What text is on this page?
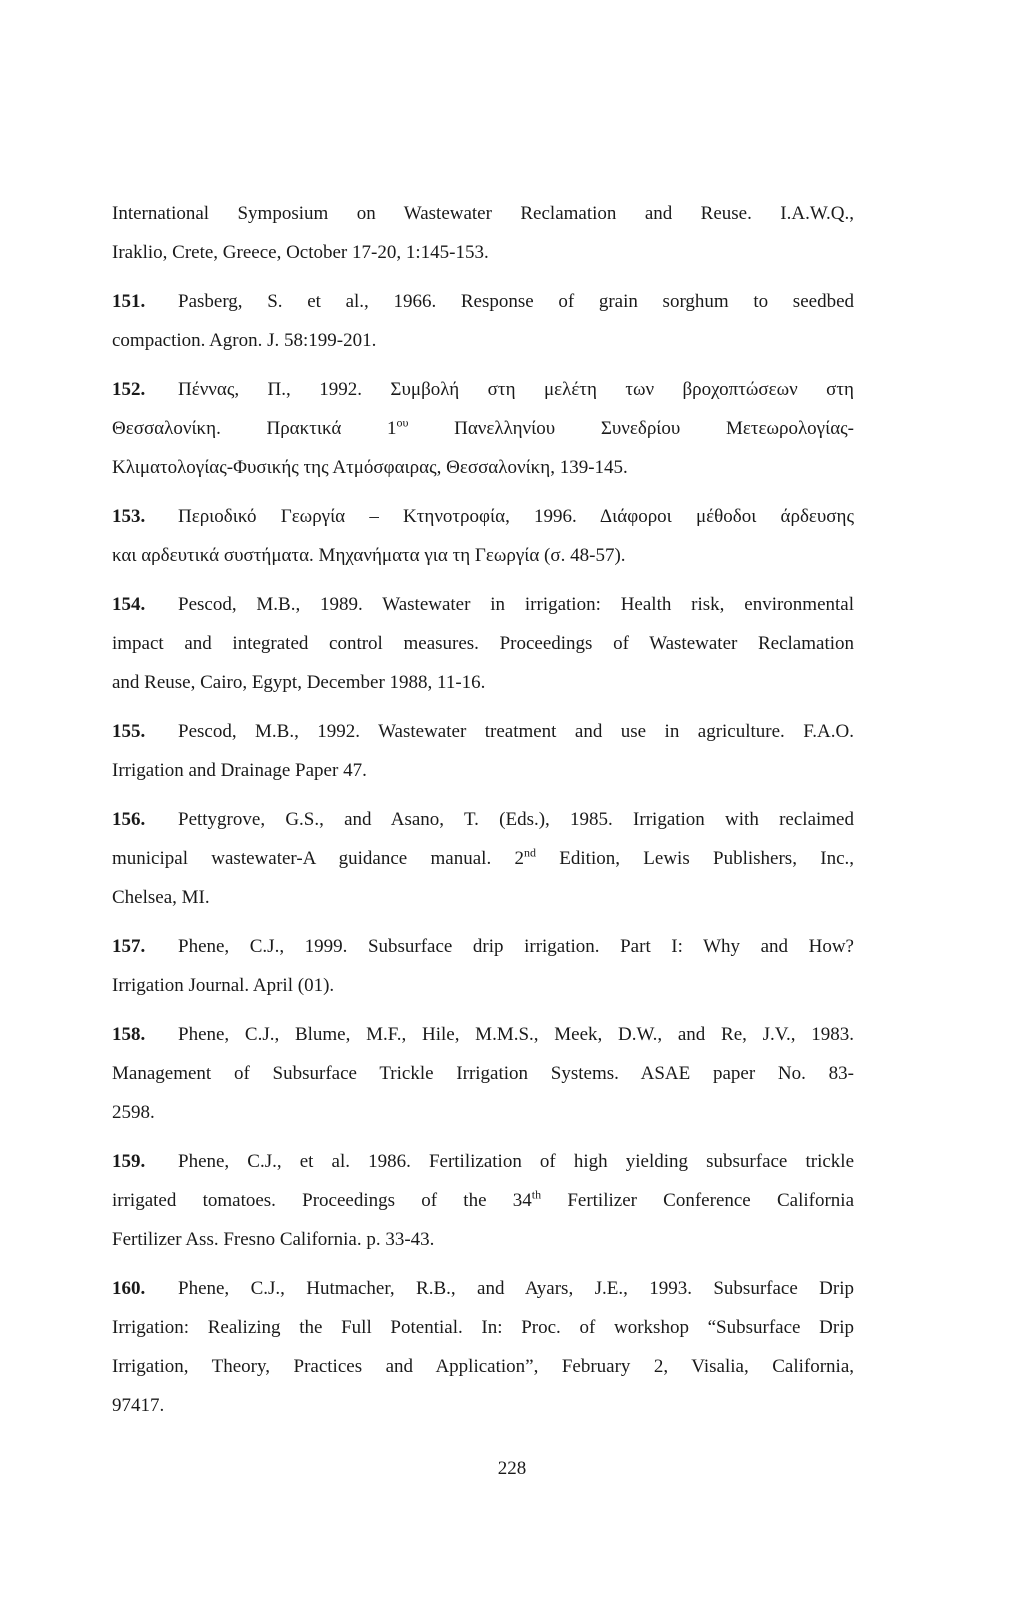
International Symposium on Wastewater Reclamation and Reuse. I.A.W.Q.,
Iraklio, Crete, Greece, October 17-20, 1:145-153.
151. Pasberg, S. et al., 1966. Response of grain sorghum to seedbed
compaction. Agron. J. 58:199-201.
152. Πέννας, Π., 1992. Συμβολή στη μελέτη των βροχοπτώσεων στη
Θεσσαλονίκη. Πρακτικά $1^{o\upsilon}$ Πανελληνίου Συνεδρίου Μετεωρολογίας-
Κλιματολογίας-Φυσικής της Ατμόσφαιρας, Θεσσαλονίκη, 139-145.
153. Περιοδικό Γεωργία – Κτηνοτροφία, 1996. Διάφοροι μέθοδοι άρδευσης
και αρδευτικά συστήματα. Μηχανήματα για τη Γεωργία (σ. 48-57).
154. Pescod, M.B., 1989. Wastewater in irrigation: Health risk, environmental
impact and integrated control measures. Proceedings of Wastewater Reclamation
and Reuse, Cairo, Egypt, December 1988, 11-16.
155. Pescod, M.B., 1992. Wastewater treatment and use in agriculture. F.A.O.
Irrigation and Drainage Paper 47.
156. Pettygrove, G.S., and Asano, T. (Eds.), 1985. Irrigation with reclaimed
municipal wastewater-A guidance manual. 2nd Edition, Lewis Publishers, Inc.,
Chelsea, MI.
157. Phene, C.J., 1999. Subsurface drip irrigation. Part I: Why and How?
Irrigation Journal. April (01).
158. Phene, C.J., Blume, M.F., Hile, M.M.S., Meek, D.W., and Re, J.V., 1983.
Management of Subsurface Trickle Irrigation Systems. ASAE paper No. 83-
2598.
159. Phene, C.J., et al. 1986. Fertilization of high yielding subsurface trickle
irrigated tomatoes. Proceedings of the 34th Fertilizer Conference California
Fertilizer Ass. Fresno California. p. 33-43.
160. Phene, C.J., Hutmacher, R.B., and Ayars, J.E., 1993. Subsurface Drip
Irrigation: Realizing the Full Potential. In: Proc. of workshop “Subsurface Drip
Irrigation, Theory, Practices and Application”, February 2, Visalia, California,
97417.
228
